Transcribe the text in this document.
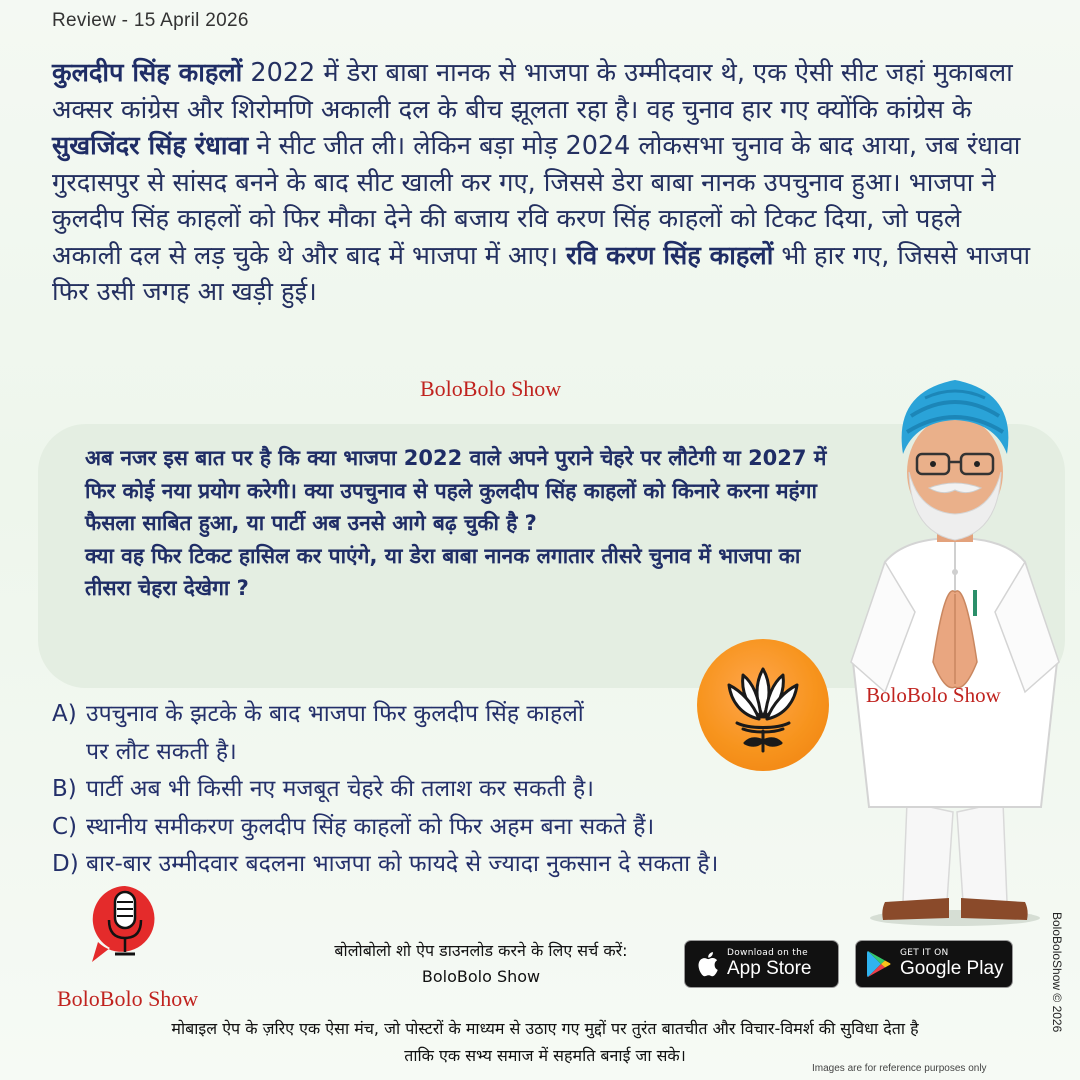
Review - 15 April 2026
कुलदीप सिंह काहलों 2022 में डेरा बाबा नानक से भाजपा के उम्मीदवार थे, एक ऐसी सीट जहां मुकाबला अक्सर कांग्रेस और शिरोमणि अकाली दल के बीच झूलता रहा है। वह चुनाव हार गए क्योंकि कांग्रेस के सुखजिंदर सिंह रंधावा ने सीट जीत ली। लेकिन बड़ा मोड़ 2024 लोकसभा चुनाव के बाद आया, जब रंधावा गुरदासपुर से सांसद बनने के बाद सीट खाली कर गए, जिससे डेरा बाबा नानक उपचुनाव हुआ। भाजपा ने कुलदीप सिंह काहलों को फिर मौका देने की बजाय रवि करण सिंह काहलों को टिकट दिया, जो पहले अकाली दल से लड़ चुके थे और बाद में भाजपा में आए। रवि करण सिंह काहलों भी हार गए, जिससे भाजपा फिर उसी जगह आ खड़ी हुई।
BoloBolo Show
अब नजर इस बात पर है कि क्या भाजपा 2022 वाले अपने पुराने चेहरे पर लौटेगी या 2027 में फिर कोई नया प्रयोग करेगी। क्या उपचुनाव से पहले कुलदीप सिंह काहलों को किनारे करना महंगा फैसला साबित हुआ, या पार्टी अब उनसे आगे बढ़ चुकी है ?
क्या वह फिर टिकट हासिल कर पाएंगे, या डेरा बाबा नानक लगातार तीसरे चुनाव में भाजपा का तीसरा चेहरा देखेगा ?
A) उपचुनाव के झटके के बाद भाजपा फिर कुलदीप सिंह काहलों पर लौट सकती है।
B) पार्टी अब भी किसी नए मजबूत चेहरे की तलाश कर सकती है।
C) स्थानीय समीकरण कुलदीप सिंह काहलों को फिर अहम बना सकते हैं।
D) बार-बार उम्मीदवार बदलना भाजपा को फायदे से ज्यादा नुकसान दे सकता है।
BoloBolo Show
BoloBolo Show
बोलोबोलो शो ऐप डाउनलोड करने के लिए सर्च करें:
BoloBolo Show
Download on the
App Store
GET IT ON
Google Play
मोबाइल ऐप के ज़रिए एक ऐसा मंच, जो पोस्टरों के माध्यम से उठाए गए मुद्दों पर तुरंत बातचीत और विचार-विमर्श की सुविधा देता है
ताकि एक सभ्य समाज में सहमति बनाई जा सके।
Images are for reference purposes only
BoloBoloShow © 2026
